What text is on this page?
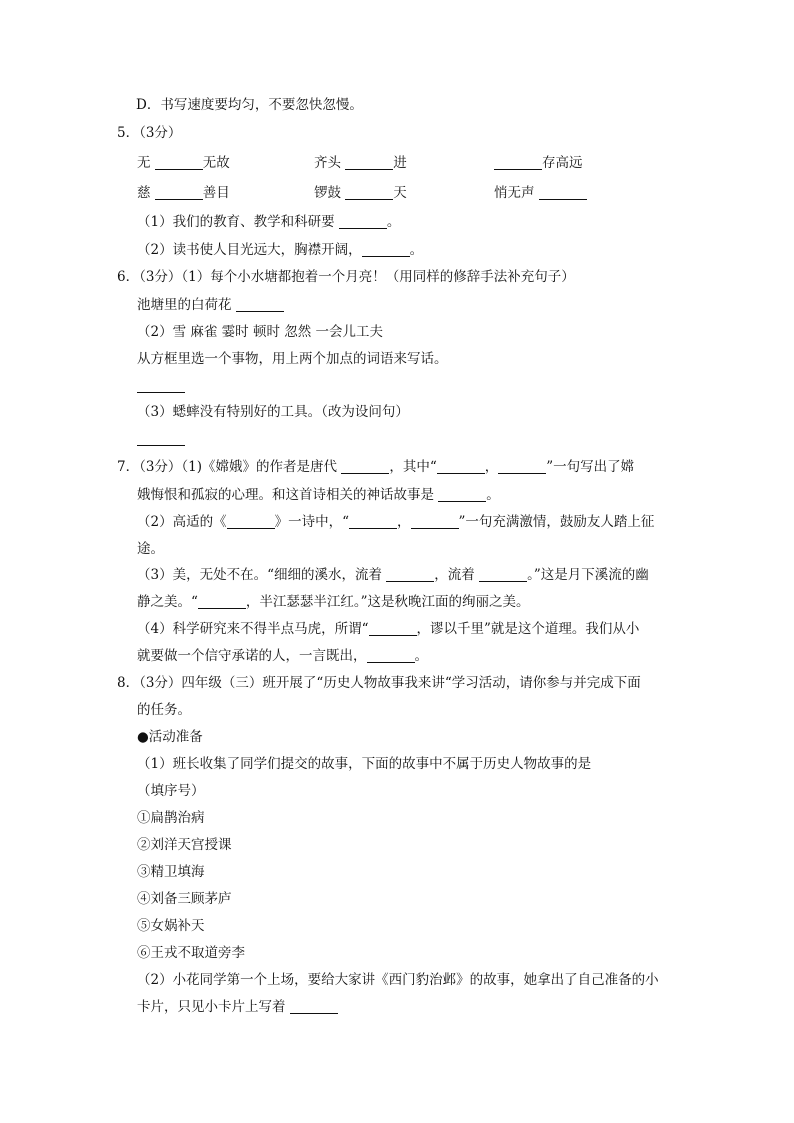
D．书写速度要均匀，不要忽快忽慢。
5．（3分）
无	无故	齐头	进	存高远
慈	善目	锣鼓	天	悄无声
（1）我们的教育、教学和科研要	。
（2）读书使人目光远大，胸襟开阔，	。
6．（3分）（1）每个小水塘都抱着一个月亮！（用同样的修辞手法补充句子）
池塘里的白荷花
（2）雪 麻雀 霎时 顿时 忽然 一会儿工夫
从方框里选一个事物，用上两个加点的词语来写话。
（3）蟋蟀没有特别好的工具。（改为设问句）
7．（3分）（1)《嫦娥》的作者是唐代	，其中“	，	”一句写出了嫦
娥悔恨和孤寂的心理。和这首诗相关的神话故事是	。
（2）高适的《	》一诗中，“	，	”一句充满激情，鼓励友人踏上征
途。
（3）美，无处不在。“细细的溪水，流着	，流着	。”这是月下溪流的幽
静之美。“	，半江瑟瑟半江红。”这是秋晚江面的绚丽之美。
（4）科学研究来不得半点马虎，所谓“	，谬以千里”就是这个道理。我们从小
就要做一个信守承诺的人，一言既出，	。
8．（3分）四年级（三）班开展了“历史人物故事我来讲“学习活动，请你参与并完成下面
的任务。
●活动准备
（1）班长收集了同学们提交的故事，下面的故事中不属于历史人物故事的是
（填序号）
①扁鹊治病
②刘洋天宫授课
③精卫填海
④刘备三顾茅庐
⑤女娲补天
⑥王戎不取道旁李
（2）小花同学第一个上场，要给大家讲《西门豹治邺》的故事，她拿出了自己准备的小
卡片，只见小卡片上写着
